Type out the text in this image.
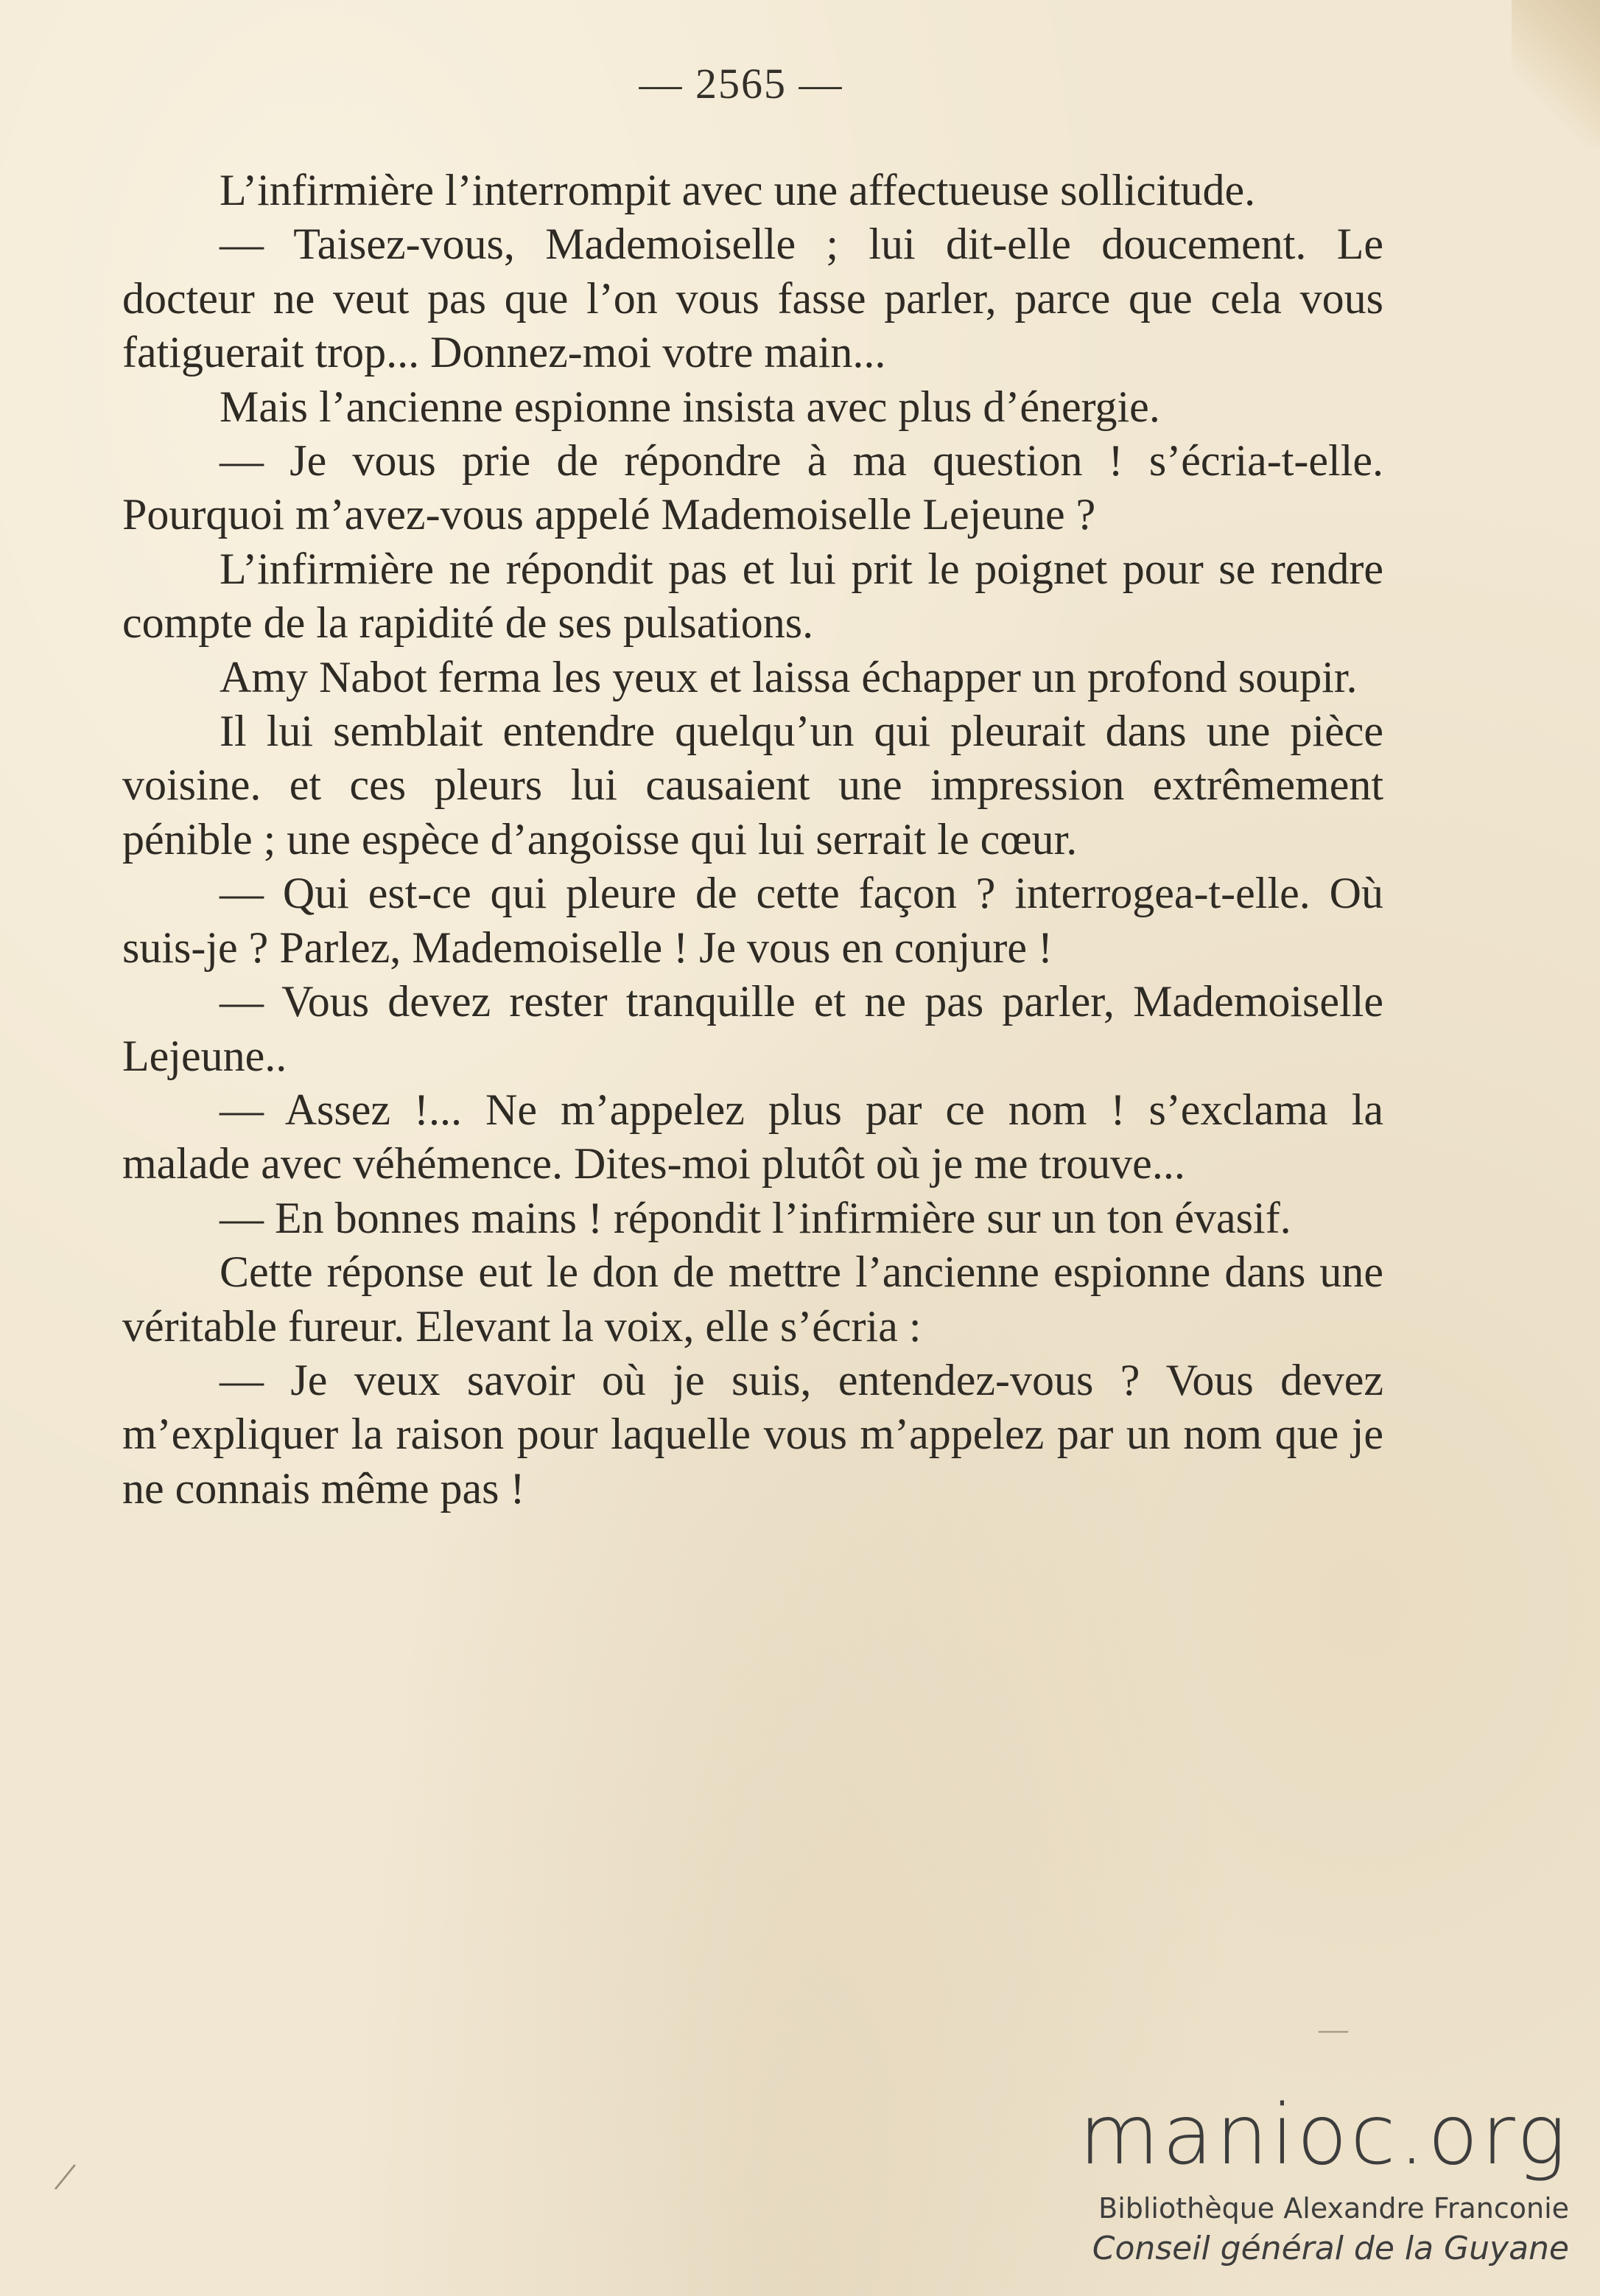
— 2565 —

L’infirmière l’interrompit avec une affectueuse sollicitude.

— Taisez-vous, Mademoiselle ; lui dit-elle doucement. Le docteur ne veut pas que l’on vous fasse parler, parce que cela vous fatiguerait trop... Donnez-moi votre main...

Mais l’ancienne espionne insista avec plus d’énergie.

— Je vous prie de répondre à ma question ! s’écria-t-elle. Pourquoi m’avez-vous appelé Mademoiselle Lejeune ?

L’infirmière ne répondit pas et lui prit le poignet pour se rendre compte de la rapidité de ses pulsations.

Amy Nabot ferma les yeux et laissa échapper un profond soupir.

Il lui semblait entendre quelqu’un qui pleurait dans une pièce voisine. et ces pleurs lui causaient une impression extrêmement pénible ; une espèce d’angoisse qui lui serrait le cœur.

— Qui est-ce qui pleure de cette façon ? interrogea-t-elle. Où suis-je ? Parlez, Mademoiselle ! Je vous en conjure !

— Vous devez rester tranquille et ne pas parler, Mademoiselle Lejeune..

— Assez !... Ne m’appelez plus par ce nom ! s’exclama la malade avec véhémence. Dites-moi plutôt où je me trouve...

— En bonnes mains ! répondit l’infirmière sur un ton évasif.

Cette réponse eut le don de mettre l’ancienne espionne dans une véritable fureur. Elevant la voix, elle s’écria :

— Je veux savoir où je suis, entendez-vous ? Vous devez m’expliquer la raison pour laquelle vous m’appelez par un nom que je ne connais même pas !

/
—
manioc.org
Bibliothèque Alexandre Franconie
Conseil général de la Guyane
